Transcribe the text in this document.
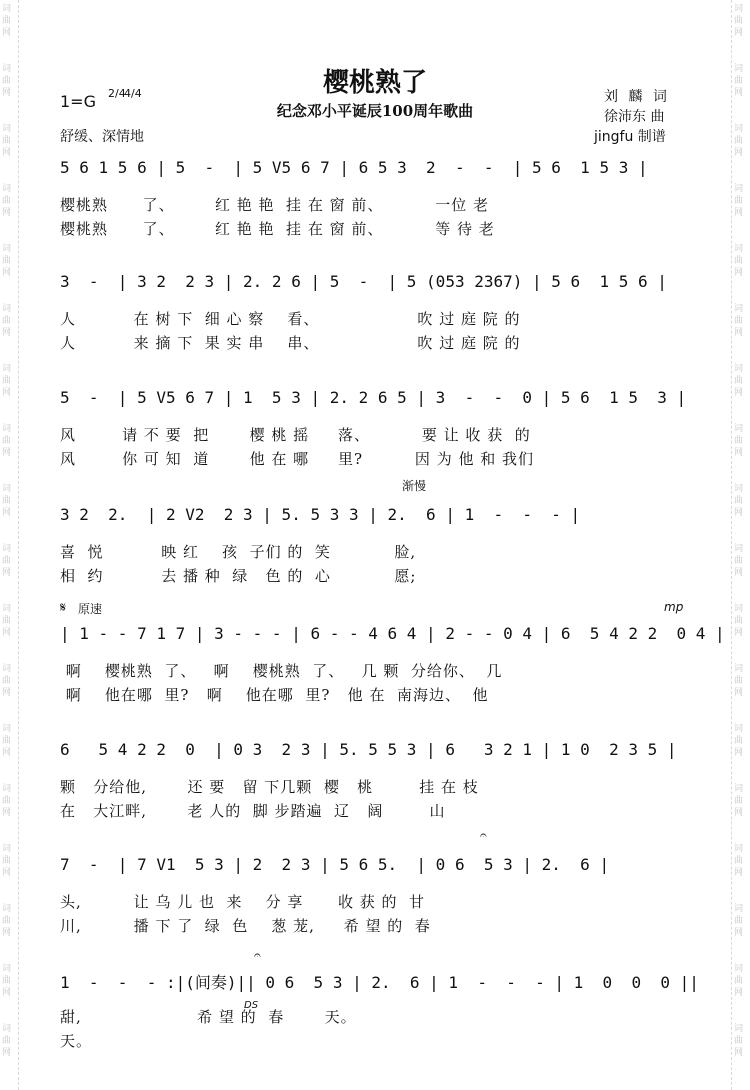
词
曲
网
词
曲
网
词
曲
网
词
曲
网
词
曲
网
词
曲
网
词
曲
网
词
曲
网
词
曲
网
词
曲
网
词
曲
网
词
曲
网
词
曲
网
词
曲
网
词
曲
网
词
曲
网
词
曲
网
词
曲
网
词
曲
网
词
曲
网
词
曲
网
词
曲
网
词
曲
网
词
曲
网
词
曲
网
词
曲
网
词
曲
网
词
曲
网
词
曲
网
词
曲
网
词
曲
网
词
曲
网
词
曲
网
词
曲
网
词
曲
网
词
曲
网
樱桃熟了
纪念邓小平诞辰100周年歌曲
1=G 2/4
4/4
舒缓、深情地
刘 麟 词
徐沛东 曲
jingfu 制谱
5 6 1 5 6 | 5  -  | 5 V5 6 7 | 6 5 3  2  -  -  | 5 6  1 5 3 |
樱桃熟      了、       红 艳 艳  挂 在 窗 前、         一位 老
樱桃熟      了、       红 艳 艳  挂 在 窗 前、         等 待 老
3  -  | 3 2  2 3 | 2. 2 6 | 5  -  | 5 (053 2367) | 5 6  1 5 6 |
人          在 树 下  细 心 察    看、                 吹 过 庭 院 的
人          来 摘 下  果 实 串    串、                 吹 过 庭 院 的
5  -  | 5 V5 6 7 | 1  5 3 | 2. 2 6 5 | 3  -  -  0 | 5 6  1 5  3 |
风        请 不 要  把       樱 桃 摇     落、         要 让 收 获  的
风        你 可 知  道       他 在 哪     里?         因 为 他 和 我们
3 2  2.  | 2 V2  2 3 | 5. 5 3 3 | 2.  6 | 1  -  -  - |
喜  悦          映 红    孩  子们 的  笑           脸,
相  约          去 播 种  绿   色 的  心           愿;
| 1 - - 7 1 7 | 3 - - - | 6 - - 4 6 4 | 2 - - 0 4 | 6  5 4 2 2  0 4 |
啊    樱桃熟  了、   啊    樱桃熟  了、   几 颗  分给你、  几
啊    他在哪  里?   啊    他在哪  里?   他 在  南海边、  他
6   5 4 2 2  0  | 0 3  2 3 | 5. 5 5 3 | 6   3 2 1 | 1 0  2 3 5 |
颗   分给他,       还 要   留 下几颗  樱   桃        挂 在 枝
在   大江畔,       老 人的  脚 步踏遍  辽   阔        山
7  -  | 7 V1  5 3 | 2  2 3 | 5 6 5.  | 0 6  5 3 | 2.  6 |
头,         让 乌 儿 也  来    分 享      收 获 的  甘
川,         播 下 了  绿  色    葱 茏,     希 望 的  春
1  -  -  - :|(间奏)|| 0 6  5 3 | 2.  6 | 1  -  -  - | 1  0  0  0 ||
甜,                    希 望 的  春       天。
天。
渐慢
𝄋 原速	mp
DS
𝄐
𝄐
